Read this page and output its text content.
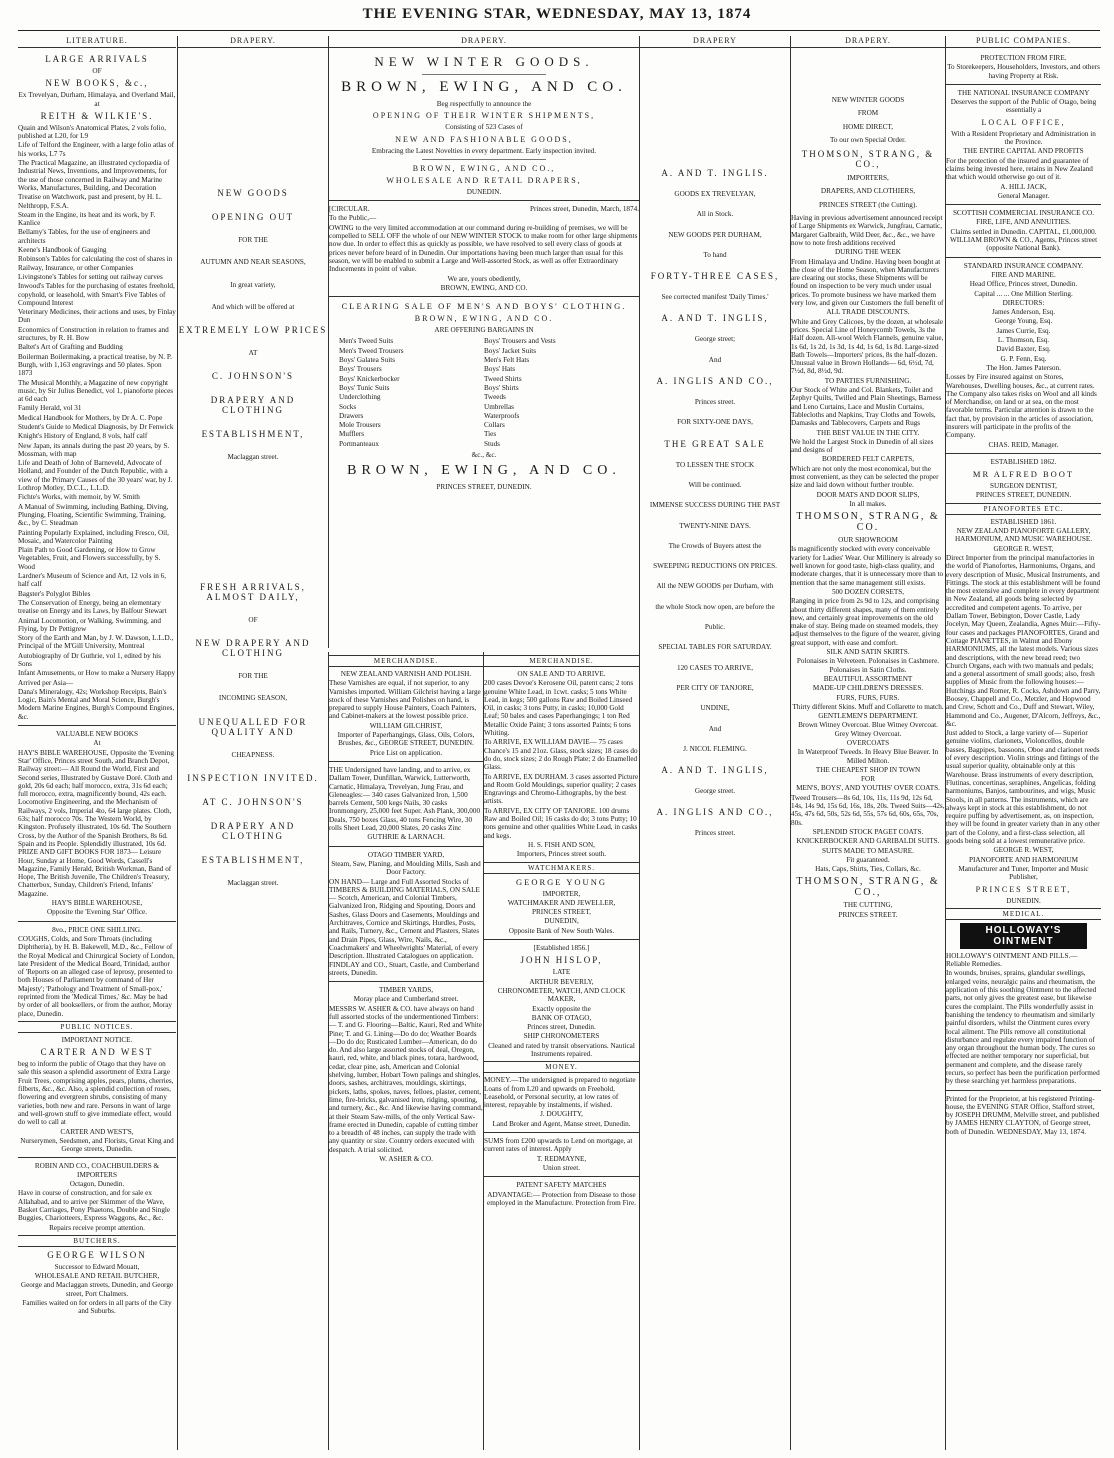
THE EVENING STAR, WEDNESDAY, MAY 13, 1874
LITERATURE.
LARGE ARRIVALS
OF
NEW BOOKS, &c.,
Ex Trevelyan, Durham, Himalaya, and Overland Mail, at
REITH & WILKIE'S.
Quain and Wilson's Anatomical Plates, 2 vols folio, published at L20, for L9
Life of Telford the Engineer, with a large folio atlas of his works, L7 7s
The Practical Magazine, an illustrated cyclopædia of Industrial News, Inventions, and Improvements, for the use of those concerned in Railway and Marine Works, Manufactures, Building, and Decoration
Treatise on Watchwork, past and present, by H. L. Nelthropp, F.S.A.
Steam in the Engine, its heat and its work, by F. Kanlice
Bellamy's Tables, for the use of engineers and architects
Keene's Handbook of Gauging
Robinson's Tables for calculating the cost of shares in Railway, Insurance, or other Companies
Livingstone's Tables for setting out railway curves
Inwood's Tables for the purchasing of estates freehold, copyhold, or leasehold, with Smart's Five Tables of Compound Interest
Veterinary Medicines, their actions and uses, by Finlay Dun
Economics of Construction in relation to frames and structures, by R. H. Bow
Baltet's Art of Grafting and Budding
Boilerman Boilermaking, a practical treatise, by N. P. Burgh, with 1,163 engravings and 50 plates. Spon 1873
The Musical Monthly, a Magazine of new copyright music, by Sir Julius Benedict, vol 1, pianoforte pieces at 6d each
Family Herald, vol 31
Medical Handbook for Mothers, by Dr A. C. Pope
Student's Guide to Medical Diagnosis, by Dr Fenwick
Knight's History of England, 8 vols, half calf
New Japan, its annals during the past 20 years, by S. Mossman, with map
Life and Death of John of Barneveld, Advocate of Holland, and Founder of the Dutch Republic, with a view of the Primary Causes of the 30 years' war, by J. Lothrop Motley, D.C.L., L.L.D.
Fichte's Works, with memoir, by W. Smith
A Manual of Swimming, including Bathing, Diving, Plunging, Floating, Scientific Swimming, Training, &c., by C. Steadman
Painting Popularly Explained, including Fresco, Oil, Mosaic, and Watercolor Painting
Plain Path to Good Gardening, or How to Grow Vegetables, Fruit, and Flowers successfully, by S. Wood
Lardner's Museum of Science and Art, 12 vols in 6, half calf
Bagster's Polyglot Bibles
The Conservation of Energy, being an elementary treatise on Energy and its Laws, by Balfour Stewart
Animal Locomotion, or Walking, Swimming, and Flying, by Dr Pettigrew
Story of the Earth and Man, by J. W. Dawson, L.L.D., Principal of the M'Gill University, Montreal
Autobiography of Dr Guthrie, vol 1, edited by his Sons
Infant Amusements, or How to make a Nursery Happy
Arrived per Asia—
Dana's Mineralogy, 42s; Workshop Receipts, Bain's Logic, Bain's Mental and Moral Science, Burgh's Modern Marine Engines, Burgh's Compound Engines, &c.
VALUABLE NEW BOOKS
At
HAY'S BIBLE WAREHOUSE, Opposite the 'Evening Star' Office, Princes street South, and Branch Depot, Railway street:— All Round the World, First and Second series, Illustrated by Gustave Doré. Cloth and gold, 20s 6d each; half morocco, extra, 31s 6d each; full morocco, extra, magnificently bound, 42s each. Locomotive Engineering, and the Mechanism of Railways, 2 vols, Imperial 4to, 64 large plates. Cloth, 63s; half morocco 70s. The Western World, by Kingston. Profusely illustrated, 10s 6d. The Southern Cross, by the Author of the Spanish Brothers, 8s 6d. Spain and its People. Splendidly illustrated, 10s 6d. PRIZE AND GIFT BOOKS FOR 1873— Leisure Hour, Sunday at Home, Good Words, Cassell's Magazine, Family Herald, British Workman, Band of Hope, The British Juvenile, The Children's Treasury, Chatterbox, Sunday, Children's Friend, Infants' Magazine.
HAY'S BIBLE WAREHOUSE,
Opposite the 'Evening Star' Office.
8vo., PRICE ONE SHILLING.
COUGHS, Colds, and Sore Throats (including Diphtheria), by H. B. Bakewell, M.D., &c., Fellow of the Royal Medical and Chirurgical Society of London, late President of the Medical Board, Trinidad, author of 'Reports on an alleged case of leprosy, presented to both Houses of Parliament by command of Her Majesty'; 'Pathology and Treatment of Small-pox,' reprinted from the 'Medical Times,' &c. May be had by order of all booksellers, or from the author, Moray place, Dunedin.
PUBLIC NOTICES.
IMPORTANT NOTICE.
CARTER AND WEST
beg to inform the public of Otago that they have on sale this season a splendid assortment of Extra Large Fruit Trees, comprising apples, pears, plums, cherries, filberts, &c., &c. Also, a splendid collection of roses, flowering and evergreen shrubs, consisting of many varieties, both new and rare. Persons in want of large and well-grown stuff to give immediate effect, would do well to call at
CARTER AND WEST'S,
Nurserymen, Seedsmen, and Florists, Great King and George streets, Dunedin.
ROBIN AND CO., COACHBUILDERS & IMPORTERS
Octagon, Dunedin.
Have in course of construction, and for sale ex Allahabad, and to arrive per Skimmer of the Wave, Basket Carriages, Pony Phaetons, Double and Single Buggies, Chariotteers, Express Waggons, &c., &c.
Repairs receive prompt attention.
BUTCHERS.
GEORGE WILSON
Successor to Edward Mouatt,
WHOLESALE AND RETAIL BUTCHER,
George and Maclaggan streets, Dunedin, and George street, Port Chalmers.
Families waited on for orders in all parts of the City and Suburbs.
DRAPERY.
NEW GOODS
OPENING OUT
FOR THE
AUTUMN AND NEAR SEASONS,
In great variety,
And which will be offered at
EXTREMELY LOW PRICES
AT
C. JOHNSON'S
DRAPERY AND CLOTHING
ESTABLISHMENT,
Maclaggan street.
FRESH ARRIVALS, ALMOST DAILY,
OF
NEW DRAPERY AND CLOTHING
FOR THE
INCOMING SEASON,
UNEQUALLED FOR QUALITY AND
CHEAPNESS.
INSPECTION INVITED.
AT C. JOHNSON'S
DRAPERY AND CLOTHING
ESTABLISHMENT,
Maclaggan street.
DRAPERY.
NEW WINTER GOODS.
BROWN, EWING, AND CO.
Beg respectfully to announce the
OPENING OF THEIR WINTER SHIPMENTS,
Consisting of 523 Cases of
NEW AND FASHIONABLE GOODS,
Embracing the Latest Novelties in every department. Early inspection invited.
BROWN, EWING, AND CO.,
WHOLESALE AND RETAIL DRAPERS,
DUNEDIN.
[CIRCULAR.	Princes street, Dunedin, March, 1874.
To the Public,—
OWING to the very limited accommodation at our command during re-building of premises, we will be compelled to SELL OFF the whole of our NEW WINTER STOCK to make room for other large shipments now due. In order to effect this as quickly as possible, we have resolved to sell every class of goods at prices never before heard of in Dunedin. Our importations having been much larger than usual for this season, we will be enabled to submit a Large and Well-assorted Stock, as well as offer Extraordinary Inducements in point of value.
We are, yours obediently,
BROWN, EWING, AND CO.
CLEARING SALE OF MEN'S AND BOYS' CLOTHING.
BROWN, EWING, AND CO.
ARE OFFERING BARGAINS IN
Men's Tweed Suits
Men's Tweed Trousers
Boys' Galatea Suits
Boys' Trousers
Boys' Knickerbocker
Boys' Tunic Suits
Underclothing
Socks
Drawers
Mole Trousers
Mufflers
Portmanteaux
Boys' Trousers and Vests
Boys' Jacket Suits
Men's Felt Hats
Boys' Hats
Tweed Shirts
Boys' Shirts
Tweeds
Umbrellas
Waterproofs
Collars
Ties
Studs
&c., &c.
BROWN, EWING, AND CO.
PRINCES STREET, DUNEDIN.
MERCHANDISE.
NEW ZEALAND VARNISH AND POLISH.
These Varnishes are equal, if not superior, to any Varnishes imported. William Gilchrist having a large stock of these Varnishes and Polishes on hand, is prepared to supply House Painters, Coach Painters, and Cabinet-makers at the lowest possible price.
WILLIAM GILCHRIST,
Importer of Paperhangings, Glass, Oils, Colors, Brushes, &c., GEORGE STREET, DUNEDIN.
Price List on application.
THE Undersigned have landing, and to arrive, ex Dallam Tower, Dunfillan, Warwick, Lutterworth, Carnatic, Himalaya, Trevelyan, Jung Frau, and Gleneagles:— 340 cases Galvanized Iron, 1,500 barrels Cement, 500 kegs Nails, 30 casks Ironmongery, 25,000 feet Super. Ash Plank, 300,000 Deals, 750 boxes Glass, 40 tons Fencing Wire, 30 rolls Sheet Lead, 20,000 Slates, 20 casks Zinc
GUTHRIE & LARNACH.
OTAGO TIMBER YARD,
Steam, Saw, Planing, and Moulding Mills, Sash and Door Factory.
ON HAND— Large and Full Assorted Stocks of TIMBERS & BUILDING MATERIALS, ON SALE— Scotch, American, and Colonial Timbers, Galvanized Iron, Ridging and Spouting, Doors and Sashes, Glass Doors and Casements, Mouldings and Architraves, Cornice and Skirtings, Hurdles, Posts, and Rails, Turnery, &c., Cement and Plasters, Slates and Drain Pipes, Glass, Wire, Nails, &c., Coachmakers' and Wheelwrights' Material, of every Description. Illustrated Catalogues on application. FINDLAY and CO., Stuart, Castle, and Cumberland streets, Dunedin.
TIMBER YARDS,
Moray place and Cumberland street.
MESSRS W. ASHER & CO. have always on hand full assorted stocks of the undermentioned Timbers:— T. and G. Flooring—Baltic, Kauri, Red and White Pine; T. and G. Lining—Do do do; Weather Boards—Do do do; Rusticated Lumber—American, do do do. And also large assorted stocks of deal, Oregon, kauri, red, white, and black pines, totara, hardwood, cedar, clear pine, ash, American and Colonial shelving, lumber, Hobart Town palings and shingles, doors, sashes, architraves, mouldings, skirtings, pickets, laths, spokes, naves, felloes, plaster, cement, lime, fire-bricks, galvanised iron, ridging, spouting, and turnery, &c., &c. And likewise having command, at their Steam Saw-mills, of the only Vertical Saw-frame erected in Dunedin, capable of cutting timber to a breadth of 48 inches, can supply the trade with any quantity or size. Country orders executed with despatch. A trial solicited.
W. ASHER & CO.
MERCHANDISE.
ON SALE AND TO ARRIVE.
200 cases Devoe's Kerosene Oil, patent cans; 2 tons genuine White Lead, in 1cwt. casks; 5 tons White Lead, in kegs; 500 gallons Raw and Boiled Linseed Oil, in casks; 3 tons Putty, in casks; 10,000 Gold Leaf; 50 bales and cases Paperhangings; 1 ton Red Metallic Oxide Paint; 3 tons assorted Paints; 6 tons Whiting.
To ARRIVE, EX WILLIAM DAVIE— 75 cases Chance's 15 and 21oz. Glass, stock sizes; 18 cases do do do, stock sizes; 2 do Rough Plate; 2 do Enamelled Glass.
To ARRIVE, EX DURHAM. 3 cases assorted Picture and Room Gold Mouldings, superior quality; 2 cases Engravings and Chromo-Lithographs, by the best artists.
To ARRIVE, EX CITY OF TANJORE. 100 drums Raw and Boiled Oil; 16 casks do do; 3 tons Putty; 10 tons genuine and other qualities White Lead, in casks and kegs.
H. S. FISH AND SON,
Importers, Princes street south.
WATCHMAKERS.
GEORGE YOUNG
IMPORTER,
WATCHMAKER AND JEWELLER,
PRINCES STREET,
DUNEDIN,
Opposite Bank of New South Wales.
[Established 1856.]
JOHN HISLOP,
LATE
ARTHUR BEVERLY,
CHRONOMETER, WATCH, AND CLOCK MAKER,
Exactly opposite the
BANK OF OTAGO,
Princes street, Dunedin.
SHIP CHRONOMETERS
Cleaned and rated by transit observations. Nautical Instruments repaired.
MONEY.
MONEY.—The undersigned is prepared to negotiate Loans of from L20 and upwards on Freehold, Leasehold, or Personal security, at low rates of interest, repayable by instalments, if wished.
J. DOUGHTY,
Land Broker and Agent, Manse street, Dunedin.
SUMS from £200 upwards to Lend on mortgage, at current rates of interest. Apply
T. REDMAYNE,
Union street.
PATENT SAFETY MATCHES
ADVANTAGE:— Protection from Disease to those employed in the Manufacture. Protection from Fire.
DRAPERY
A. AND T. INGLIS.
GOODS EX TREVELYAN,
All in Stock.
NEW GOODS PER DURHAM,
To hand
FORTY-THREE CASES,
See corrected manifest 'Daily Times.'
A. AND T. INGLIS,
George street;
And
A. INGLIS AND CO.,
Princes street.
FOR SIXTY-ONE DAYS,
THE GREAT SALE
TO LESSEN THE STOCK
Will be continued.
IMMENSE SUCCESS DURING THE PAST
TWENTY-NINE DAYS.
The Crowds of Buyers attest the
SWEEPING REDUCTIONS ON PRICES.
All the NEW GOODS per Durham, with
the whole Stock now open, are before the
Public.
SPECIAL TABLES FOR SATURDAY.
120 CASES TO ARRIVE,
PER CITY OF TANJORE,
UNDINE,
And
J. NICOL FLEMING.
A. AND T. INGLIS,
George street.
A. INGLIS AND CO.,
Princes street.
DRAPERY.
NEW WINTER GOODS
FROM
HOME DIRECT,
To our own Special Order.
THOMSON, STRANG, & CO.,
IMPORTERS,
DRAPERS, AND CLOTHIERS,
PRINCES STREET (the Cutting).
Having in previous advertisement announced receipt of Large Shipments ex Warwick, Jungfrau, Carnatic, Margaret Galbraith, Wild Deer, &c., &c., we have now to note fresh additions received
DURING THE WEEK
From Himalaya and Undine. Having been bought at the close of the Home Season, when Manufacturers are clearing out stocks, these Shipments will be found on inspection to be very much under usual prices. To promote business we have marked them very low, and given our Customers the full benefit of
ALL TRADE DISCOUNTS.
White and Grey Calicoes, by the dozen, at wholesale prices. Special Line of Honeycomb Towels, 3s the Half dozen. All-wool Welch Flannels, genuine value, 1s 6d, 1s 2d, 1s 3d, 1s 4d, 1s 6d, 1s 8d. Large-sized Bath Towels—Importers' prices, 8s the half-dozen. Unusual value in Brown Hollands— 6d, 6½d, 7d, 7½d, 8d, 8½d, 9d.
TO PARTIES FURNISHING.
Our Stock of White and Col. Blankets, Toilet and Zephyr Quilts, Twilled and Plain Sheetings, Barness and Leno Curtains, Lace and Muslin Curtains, Tablecloths and Napkins, Tray Cloths and Towels, Damasks and Tablecovers, Carpets and Rugs
THE BEST VALUE IN THE CITY.
We hold the Largest Stock in Dunedin of all sizes and designs of
BORDERED FELT CARPETS,
Which are not only the most economical, but the most convenient, as they can be selected the proper size and laid down without further trouble.
DOOR MATS AND DOOR SLIPS,
In all makes.
THOMSON, STRANG, & CO.
OUR SHOWROOM
Is magnificently stocked with every conceivable variety for Ladies' Wear. Our Millinery is already so well known for good taste, high-class quality, and moderate charges, that it is unnecessary more than to mention that the same management still exists.
500 DOZEN CORSETS,
Ranging in price from 2s 9d to 12s, and comprising about thirty different shapes, many of them entirely new, and certainly great improvements on the old make of stay. Being made on steamed models, they adjust themselves to the figure of the wearer, giving great support, with ease and comfort.
SILK AND SATIN SKIRTS.
Polonaises in Velveteen. Polonaises in Cashmere. Polonaises in Satin Cloths.
BEAUTIFUL ASSORTMENT
MADE-UP CHILDREN'S DRESSES.
FURS, FURS, FURS.
Thirty different Skins. Muff and Collarette to match.
GENTLEMEN'S DEPARTMENT.
Brown Witney Overcoat. Blue Witney Overcoat. Grey Witney Overcoat.
OVERCOATS
In Waterproof Tweeds. In Heavy Blue Beaver. In Milled Milton.
THE CHEAPEST SHOP IN TOWN
FOR
MEN'S, BOYS', AND YOUTHS' OVER COATS.
Tweed Trousers—8s 6d, 10s, 11s, 11s 9d, 12s 6d, 14s, 14s 9d, 15s 6d, 16s, 18s, 20s. Tweed Suits—42s, 45s, 47s 6d, 50s, 52s 6d, 55s, 57s 6d, 60s, 65s, 70s, 80s.
SPLENDID STOCK PAGET COATS.
KNICKERBOCKER AND GARIBALDI SUITS.
SUITS MADE TO MEASURE.
Fit guaranteed.
Hats, Caps, Shirts, Ties, Collars, &c.
THOMSON, STRANG, & CO.,
THE CUTTING,
PRINCES STREET.
PUBLIC COMPANIES.
PROTECTION FROM FIRE.
To Storekeepers, Householders, Investors, and others having Property at Risk.
THE NATIONAL INSURANCE COMPANY
Deserves the support of the Public of Otago, being essentially a
LOCAL OFFICE,
With a Resident Proprietary and Administration in the Province.
THE ENTIRE CAPITAL AND PROFITS
For the protection of the insured and guarantee of claims being invested here, retains in New Zealand that which would otherwise go out of it.
A. HILL JACK,
General Manager.
SCOTTISH COMMERCIAL INSURANCE CO.
FIRE, LIFE, AND ANNUITIES.
Claims settled in Dunedin. CAPITAL, £1,000,000. WILLIAM BROWN & CO., Agents, Princes street (opposite National Bank).
STANDARD INSURANCE COMPANY.
FIRE AND MARINE.
Head Office, Princes street, Dunedin.
Capital ... ... One Million Sterling.
DIRECTORS:
James Anderson, Esq.
George Young, Esq.
James Currie, Esq.
L. Thomson, Esq.
David Baxter, Esq.
G. P. Fenn, Esq.
The Hon. James Paterson.
Losses by Fire insured against on Stores, Warehouses, Dwelling houses, &c., at current rates. The Company also takes risks on Wool and all kinds of Merchandise, on land or at sea, on the most favorable terms. Particular attention is drawn to the fact that, by provision in the articles of association, insurers will participate in the profits of the Company.
CHAS. REID, Manager.
ESTABLISHED 1862.
MR ALFRED BOOT
SURGEON DENTIST,
PRINCES STREET, DUNEDIN.
PIANOFORTES ETC.
ESTABLISHED 1861.
NEW ZEALAND PIANOFORTE GALLERY, HARMONIUM, AND MUSIC WAREHOUSE.
GEORGE R. WEST,
Direct Importer from the principal manufactories in the world of Pianofortes, Harmoniums, Organs, and every description of Music, Musical Instruments, and Fittings. The stock at this establishment will be found the most extensive and complete in every department in New Zealand, all goods being selected by accredited and competent agents. To arrive, per Dallam Tower, Bebington, Dover Castle, Lady Jocelyn, May Queen, Zealandia, Agnes Muir:—Fifty-four cases and packages PIANOFORTES, Grand and Cottage PIANETTES, in Walnut and Ebony HARMONIUMS, all the latest models. Various sizes and descriptions, with the new bread reed; two Church Organs, each with two manuals and pedals; and a general assortment of small goods; also, fresh supplies of Music from the following houses:— Hutchings and Romer, R. Cocks, Ashdown and Parry, Boosey, Chappell and Co., Metzler, and Hopwood and Crew, Schott and Co., Duff and Stewart, Wiley, Hammond and Co., Augener, D'Alcorn, Jeffreys, &c., &c.
Just added to Stock, a large variety of— Superior genuine violins, clarionets, Violoncellos, double basses, Bagpipes, bassoons, Oboe and clarionet reeds of every description. Violin strings and fittings of the usual superior quality, obtainable only at this Warehouse. Brass instruments of every description, Flutinas, concertinas, seraphines, Angelicas, folding harmoniums, Banjos, tambourines, and wigs, Music Stools, in all patterns. The instruments, which are always kept in stock at this establishment, do not require puffing by advertisement, as, on inspection, they will be found in greater variety than in any other part of the Colony, and a first-class selection, all goods being sold at a lowest remunerative price.
GEORGE R. WEST,
PIANOFORTE AND HARMONIUM
Manufacturer and Tuner, Importer and Music Publisher,
PRINCES STREET,
DUNEDIN.
MEDICAL.
HOLLOWAY'S OINTMENT
HOLLOWAY'S OINTMENT AND PILLS.—Reliable Remedies.
In wounds, bruises, sprains, glandular swellings, enlarged veins, neuralgic pains and rheumatism, the application of this soothing Ointment to the affected parts, not only gives the greatest ease, but likewise cures the complaint. The Pills wonderfully assist in banishing the tendency to rheumatism and similarly painful disorders, whilst the Ointment cures every local ailment. The Pills remove all constitutional disturbance and regulate every impaired function of any organ throughout the human body. The cures so effected are neither temporary nor superficial, but permanent and complete, and the disease rarely recurs, so perfect has been the purification performed by these searching yet harmless preparations.
Printed for the Proprietor, at his registered Printing-house, the EVENING STAR Office, Stafford street, by JOSEPH DRUMM, Melville street, and published by JAMES HENRY CLAYTON, of George street, both of Dunedin. WEDNESDAY, May 13, 1874.
